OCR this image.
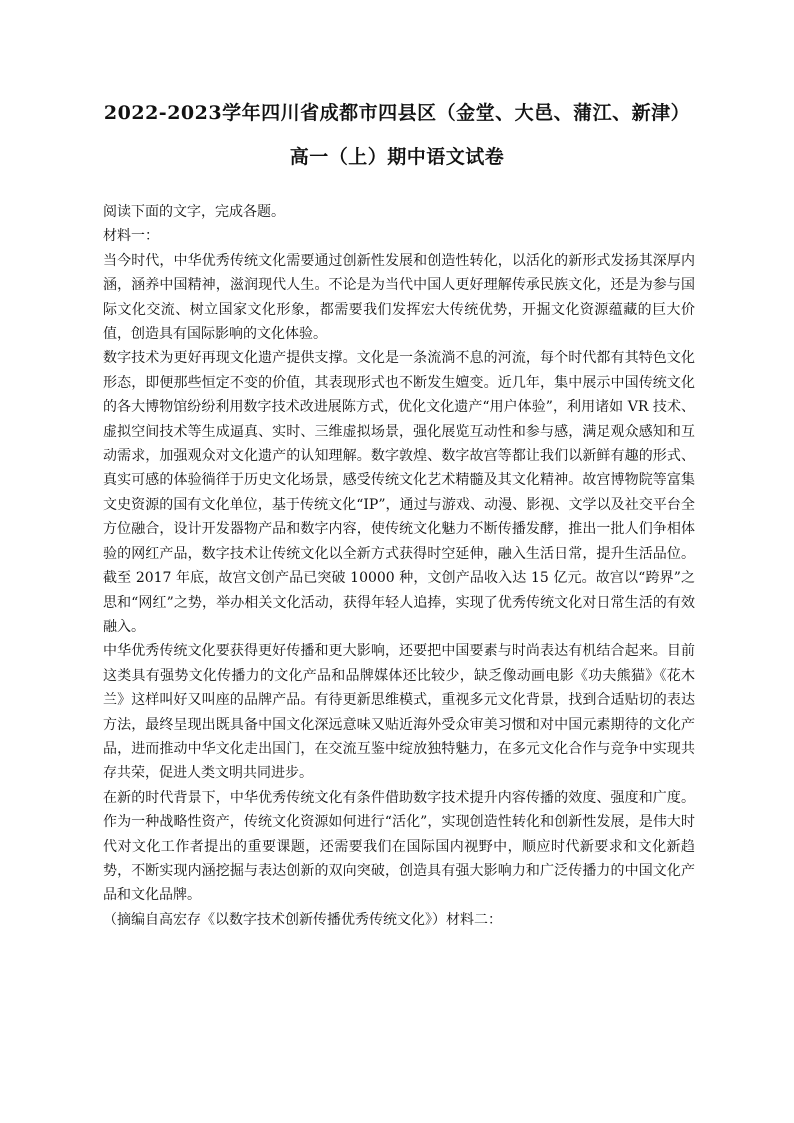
2022-2023学年四川省成都市四县区（金堂、大邑、蒲江、新津）
高一（上）期中语文试卷

阅读下面的文字，完成各题。

材料一：

当今时代，中华优秀传统文化需要通过创新性发展和创造性转化，以活化的新形式发扬其深厚内涵，涵养中国精神，滋润现代人生。不论是为当代中国人更好理解传承民族文化，还是为参与国际文化交流、树立国家文化形象，都需要我们发挥宏大传统优势，开掘文化资源蕴藏的巨大价值，创造具有国际影响的文化体验。

数字技术为更好再现文化遗产提供支撑。文化是一条流淌不息的河流，每个时代都有其特色文化形态，即便那些恒定不变的价值，其表现形式也不断发生嬗变。近几年，集中展示中国传统文化的各大博物馆纷纷利用数字技术改进展陈方式，优化文化遗产“用户体验”，利用诸如 VR 技术、虚拟空间技术等生成逼真、实时、三维虚拟场景，强化展览互动性和参与感，满足观众感知和互动需求，加强观众对文化遗产的认知理解。数字敦煌、数字故宫等都让我们以新鲜有趣的形式、真实可感的体验徜徉于历史文化场景，感受传统文化艺术精髓及其文化精神。故宫博物院等富集文史资源的国有文化单位，基于传统文化“IP”，通过与游戏、动漫、影视、文学以及社交平台全方位融合，设计开发器物产品和数字内容，使传统文化魅力不断传播发酵，推出一批人们争相体验的网红产品，数字技术让传统文化以全新方式获得时空延伸，融入生活日常，提升生活品位。截至 2017 年底，故宫文创产品已突破 10000 种，文创产品收入达 15 亿元。故宫以“跨界”之思和“网红”之势，举办相关文化活动，获得年轻人追捧，实现了优秀传统文化对日常生活的有效融入。

中华优秀传统文化要获得更好传播和更大影响，还要把中国要素与时尚表达有机结合起来。目前这类具有强势文化传播力的文化产品和品牌媒体还比较少，缺乏像动画电影《功夫熊猫》《花木兰》这样叫好又叫座的品牌产品。有待更新思维模式，重视多元文化背景，找到合适贴切的表达方法，最终呈现出既具备中国文化深远意味又贴近海外受众审美习惯和对中国元素期待的文化产品，进而推动中华文化走出国门，在交流互鉴中绽放独特魅力，在多元文化合作与竞争中实现共存共荣，促进人类文明共同进步。

在新的时代背景下，中华优秀传统文化有条件借助数字技术提升内容传播的效度、强度和广度。作为一种战略性资产，传统文化资源如何进行“活化”，实现创造性转化和创新性发展，是伟大时代对文化工作者提出的重要课题，还需要我们在国际国内视野中，顺应时代新要求和文化新趋势，不断实现内涵挖掘与表达创新的双向突破，创造具有强大影响力和广泛传播力的中国文化产品和文化品牌。

（摘编自高宏存《以数字技术创新传播优秀传统文化》）材料二：
